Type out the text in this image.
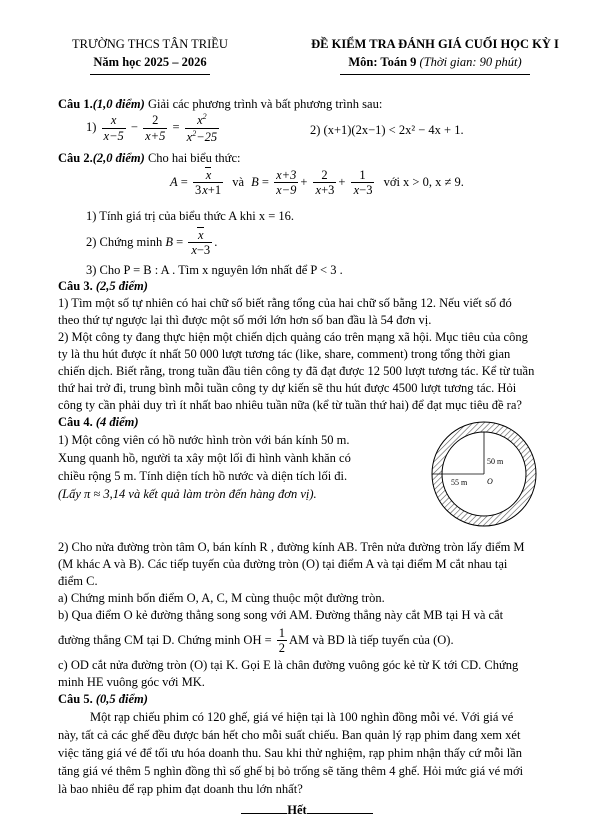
TRƯỜNG THCS TÂN TRIỀU
Năm học 2025 – 2026
ĐỀ KIỂM TRA ĐÁNH GIÁ CUỐI HỌC KỲ I
Môn: Toán 9 (Thời gian: 90 phút)
Câu 1.(1,0 điểm) Giải các phương trình và bất phương trình sau:
$1) \frac{x}{x-5} - \frac{2}{x+5} = \frac{x^2}{x^2-25}$	2) (x+1)(2x−1) < 2x² − 4x + 1.
Câu 2.(2,0 điểm) Cho hai biểu thức:
$A = \frac{x}{3x+1}$ và $B = \frac{x+3}{x-9} + \frac{2}{x+3} + \frac{1}{x-3}$ với x > 0, x ≠ 9.
1) Tính giá trị của biểu thức A khi x = 16.
2) Chứng minh $B = \frac{x}{x-3}$ .
3) Cho P = B : A . Tìm x nguyên lớn nhất để P < 3 .
Câu 3. (2,5 điểm)
1) Tìm một số tự nhiên có hai chữ số biết rằng tổng của hai chữ số bằng 12. Nếu viết số đó
theo thứ tự ngược lại thì được một số mới lớn hơn số ban đầu là 54 đơn vị.
2) Một công ty đang thực hiện một chiến dịch quảng cáo trên mạng xã hội. Mục tiêu của công
ty là thu hút được ít nhất 50 000 lượt tương tác (like, share, comment) trong tổng thời gian
chiến dịch. Biết rằng, trong tuần đầu tiên công ty đã đạt được 12 500 lượt tương tác. Kể từ tuần
thứ hai trở đi, trung bình mỗi tuần công ty dự kiến sẽ thu hút được 4500 lượt tương tác. Hỏi
công ty cần phải duy trì ít nhất bao nhiêu tuần nữa (kể từ tuần thứ hai) để đạt mục tiêu đề ra?
Câu 4. (4 điểm)
1) Một công viên có hồ nước hình tròn với bán kính 50 m.
Xung quanh hồ, người ta xây một lối đi hình vành khăn có
chiều rộng 5 m. Tính diện tích hồ nước và diện tích lối đi.
(Lấy π ≈ 3,14 và kết quả làm tròn đến hàng đơn vị).
50 m
55 m O
2) Cho nửa đường tròn tâm O, bán kính R , đường kính AB. Trên nửa đường tròn lấy điểm M
(M khác A và B). Các tiếp tuyến của đường tròn (O) tại điểm A và tại điểm M cắt nhau tại
điểm C.
a) Chứng minh bốn điểm O, A, C, M cùng thuộc một đường tròn.
b) Qua điểm O kẻ đường thẳng song song với AM. Đường thẳng này cắt MB tại H và cắt
đường thẳng CM tại D. Chứng minh OH = $\frac{1}{2}$ AM và BD là tiếp tuyến của (O).
c) OD cắt nửa đường tròn (O) tại K. Gọi E là chân đường vuông góc kẻ từ K tới CD. Chứng
minh HE vuông góc với MK.
Câu 5. (0,5 điểm)
Một rạp chiếu phim có 120 ghế, giá vé hiện tại là 100 nghìn đồng mỗi vé. Với giá vé
này, tất cả các ghế đều được bán hết cho mỗi suất chiếu. Ban quản lý rạp phim đang xem xét
việc tăng giá vé để tối ưu hóa doanh thu. Sau khi thử nghiệm, rạp phim nhận thấy cứ mỗi lần
tăng giá vé thêm 5 nghìn đồng thì số ghế bị bỏ trống sẽ tăng thêm 4 ghế. Hỏi mức giá vé mới
là bao nhiêu để rạp phim đạt doanh thu lớn nhất?
Hết
